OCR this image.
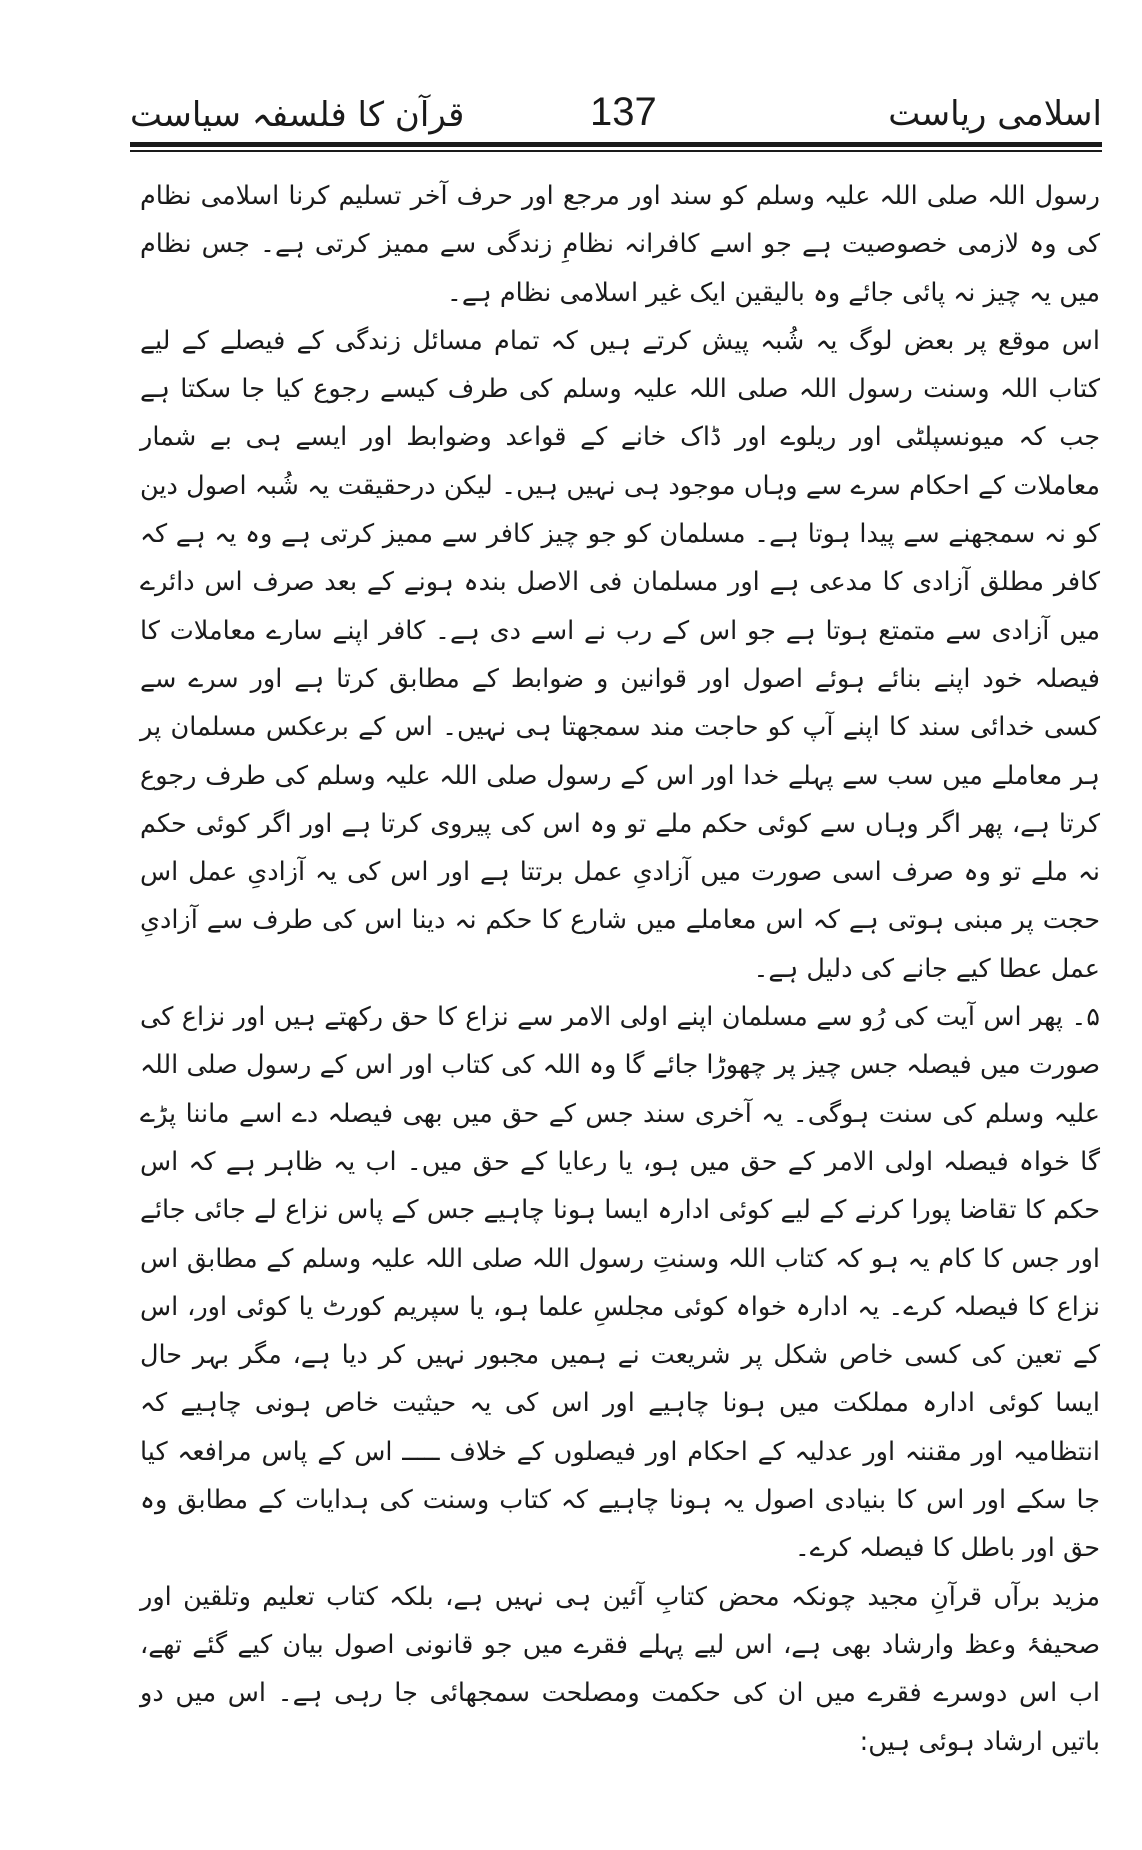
اسلامی ریاست
137
قرآن کا فلسفہ سیاست

رسول اللہ صلی اللہ علیہ وسلم کو سند اور مرجع اور حرف آخر تسلیم کرنا اسلامی نظام کی وہ لازمی خصوصیت ہے جو اسے کافرانہ نظامِ زندگی سے ممیز کرتی ہے۔ جس نظام میں یہ چیز نہ پائی جائے وہ بالیقین ایک غیر اسلامی نظام ہے۔

اس موقع پر بعض لوگ یہ شُبہ پیش کرتے ہیں کہ تمام مسائل زندگی کے فیصلے کے لیے کتاب اللہ وسنت رسول اللہ صلی اللہ علیہ وسلم کی طرف کیسے رجوع کیا جا سکتا ہے جب کہ میونسپلٹی اور ریلوے اور ڈاک خانے کے قواعد وضوابط اور ایسے ہی بے شمار معاملات کے احکام سرے سے وہاں موجود ہی نہیں ہیں۔ لیکن درحقیقت یہ شُبہ اصول دین کو نہ سمجھنے سے پیدا ہوتا ہے۔ مسلمان کو جو چیز کافر سے ممیز کرتی ہے وہ یہ ہے کہ کافر مطلق آزادی کا مدعی ہے اور مسلمان فی الاصل بندہ ہونے کے بعد صرف اس دائرے میں آزادی سے متمتع ہوتا ہے جو اس کے رب نے اسے دی ہے۔ کافر اپنے سارے معاملات کا فیصلہ خود اپنے بنائے ہوئے اصول اور قوانین و ضوابط کے مطابق کرتا ہے اور سرے سے کسی خدائی سند کا اپنے آپ کو حاجت مند سمجھتا ہی نہیں۔ اس کے برعکس مسلمان پر ہر معاملے میں سب سے پہلے خدا اور اس کے رسول صلی اللہ علیہ وسلم کی طرف رجوع کرتا ہے، پھر اگر وہاں سے کوئی حکم ملے تو وہ اس کی پیروی کرتا ہے اور اگر کوئی حکم نہ ملے تو وہ صرف اسی صورت میں آزادیِ عمل برتتا ہے اور اس کی یہ آزادیِ عمل اس حجت پر مبنی ہوتی ہے کہ اس معاملے میں شارع کا حکم نہ دینا اس کی طرف سے آزادیِ عمل عطا کیے جانے کی دلیل ہے۔

۵۔ پھر اس آیت کی رُو سے مسلمان اپنے اولی الامر سے نزاع کا حق رکھتے ہیں اور نزاع کی صورت میں فیصلہ جس چیز پر چھوڑا جائے گا وہ اللہ کی کتاب اور اس کے رسول صلی اللہ علیہ وسلم کی سنت ہوگی۔ یہ آخری سند جس کے حق میں بھی فیصلہ دے اسے ماننا پڑے گا خواہ فیصلہ اولی الامر کے حق میں ہو، یا رعایا کے حق میں۔ اب یہ ظاہر ہے کہ اس حکم کا تقاضا پورا کرنے کے لیے کوئی ادارہ ایسا ہونا چاہیے جس کے پاس نزاع لے جائی جائے اور جس کا کام یہ ہو کہ کتاب اللہ وسنتِ رسول اللہ صلی اللہ علیہ وسلم کے مطابق اس نزاع کا فیصلہ کرے۔ یہ ادارہ خواہ کوئی مجلسِ علما ہو، یا سپریم کورٹ یا کوئی اور، اس کے تعین کی کسی خاص شکل پر شریعت نے ہمیں مجبور نہیں کر دیا ہے، مگر بہر حال ایسا کوئی ادارہ مملکت میں ہونا چاہیے اور اس کی یہ حیثیت خاص ہونی چاہیے کہ انتظامیہ اور مقننہ اور عدلیہ کے احکام اور فیصلوں کے خلاف ـــــ اس کے پاس مرافعہ کیا جا سکے اور اس کا بنیادی اصول یہ ہونا چاہیے کہ کتاب وسنت کی ہدایات کے مطابق وہ حق اور باطل کا فیصلہ کرے۔

مزید برآں قرآنِ مجید چونکہ محض کتابِ آئین ہی نہیں ہے، بلکہ کتاب تعلیم وتلقین اور صحیفۂ وعظ وارشاد بھی ہے، اس لیے پہلے فقرے میں جو قانونی اصول بیان کیے گئے تھے، اب اس دوسرے فقرے میں ان کی حکمت ومصلحت سمجھائی جا رہی ہے۔ اس میں دو باتیں ارشاد ہوئی ہیں:
